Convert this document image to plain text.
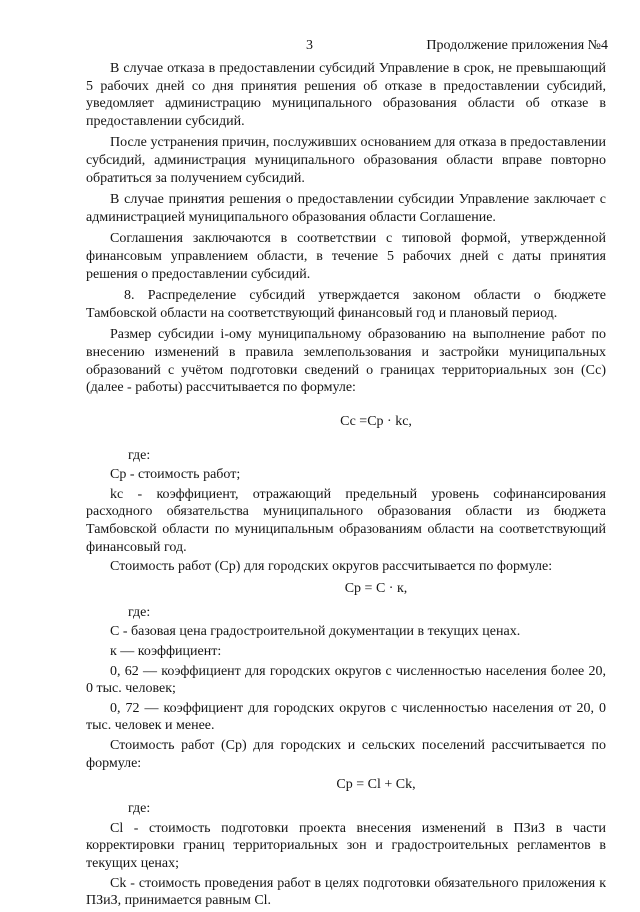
3	Продолжение приложения №4

В случае отказа в предоставлении субсидий Управление в срок, не превышающий 5 рабочих дней со дня принятия решения об отказе в предоставлении субсидий, уведомляет администрацию муниципального образования области об отказе в предоставлении субсидий.

После устранения причин, послуживших основанием для отказа в предоставлении субсидий, администрация муниципального образования области вправе повторно обратиться за получением субсидий.

В случае принятия решения о предоставлении субсидии Управление заключает с администрацией муниципального образования области Соглашение.

Соглашения заключаются в соответствии с типовой формой, утвержденной финансовым управлением области, в течение 5 рабочих дней с даты принятия решения о предоставлении субсидий.

8. Распределение субсидий утверждается законом области о бюджете Тамбовской области на соответствующий финансовый год и плановый период.

Размер субсидии i-ому муниципальному образованию на выполнение работ по внесению изменений в правила землепользования и застройки муниципальных образований с учётом подготовки сведений о границах территориальных зон (Сс) (далее - работы) рассчитывается по формуле:

Сс =Ср · kс,
где:

Ср - стоимость работ;

kс - коэффициент, отражающий предельный уровень софинансирования расходного обязательства муниципального образования области из бюджета Тамбовской области по муниципальным образованиям области на соответствующий финансовый год.

Стоимость работ (Ср) для городских округов рассчитывается по формуле:

Ср = С · к,
где:

С - базовая цена градостроительной документации в текущих ценах.

к — коэффициент:

0, 62 — коэффициент для городских округов с численностью населения более 20, 0 тыс. человек;

0, 72 — коэффициент для городских округов с численностью населения от 20, 0 тыс. человек и менее.

Стоимость работ (Ср) для городских и сельских поселений рассчитывается по формуле:

Ср = Сl + Сk,
где:

Сl - стоимость подготовки проекта внесения изменений в ПЗиЗ в части корректировки границ территориальных зон и градостроительных регламентов в текущих ценах;

Сk - стоимость проведения работ в целях подготовки обязательного приложения к ПЗиЗ, принимается равным Сl.
